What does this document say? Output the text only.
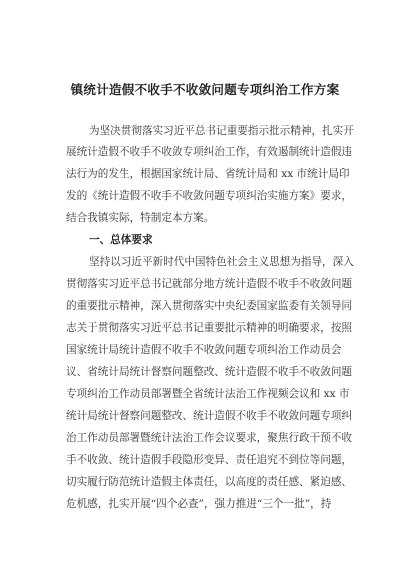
镇统计造假不收手不收敛问题专项纠治工作方案
为坚决贯彻落实习近平总书记重要指示批示精神，扎实开
展统计造假不收手不收敛专项纠治工作，有效遏制统计造假违
法行为的发生，根据国家统计局、省统计局和 xx 市统计局印
发的《统计造假不收手不收敛问题专项纠治实施方案》要求，
结合我镇实际，特制定本方案。
一、总体要求
坚持以习近平新时代中国特色社会主义思想为指导，深入
贯彻落实习近平总书记就部分地方统计造假不收手不收敛问题
的重要批示精神，深入贯彻落实中央纪委国家监委有关领导同
志关于贯彻落实习近平总书记重要批示精神的明确要求，按照
国家统计局统计造假不收手不收敛问题专项纠治工作动员会
议、省统计局统计督察问题整改、统计造假不收手不收敛问题
专项纠治工作动员部署暨全省统计法治工作视频会议和 xx 市
统计局统计督察问题整改、统计造假不收手不收敛问题专项纠
治工作动员部署暨统计法治工作会议要求，聚焦行政干预不收
手不收敛、统计造假手段隐形变异、责任追究不到位等问题，
切实履行防范统计造假主体责任，以高度的责任感、紧迫感、
危机感，扎实开展“四个必查”，强力推进“三个一批”，持
